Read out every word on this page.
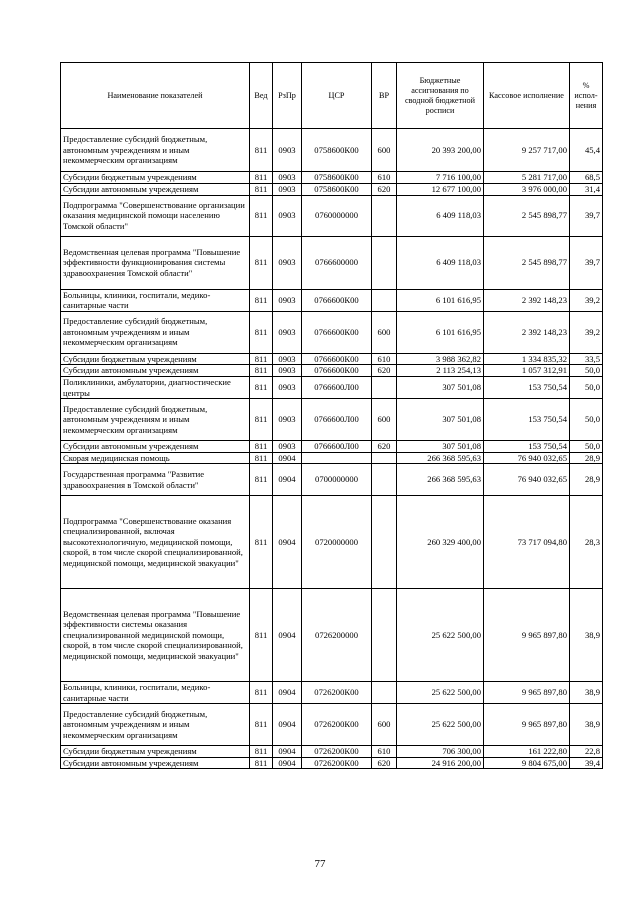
Наименование показателей	Вед	РзПр	ЦСР	ВР	Бюджетные ассигнования по сводной бюджетной росписи	Кассовое исполнение	% испол-нения
Предоставление субсидий бюджетным, автономным учреждениям и иным некоммерческим организациям	811	0903	0758600К00	600	20 393 200,00	9 257 717,00	45,4
Субсидии бюджетным учреждениям	811	0903	0758600К00	610	7 716 100,00	5 281 717,00	68,5
Субсидии автономным учреждениям	811	0903	0758600К00	620	12 677 100,00	3 976 000,00	31,4
Подпрограмма "Совершенствование организации оказания медицинской помощи населению Томской области"	811	0903	0760000000		6 409 118,03	2 545 898,77	39,7
Ведомственная целевая программа "Повышение эффективности функционирования системы здравоохранения Томской области"	811	0903	0766600000		6 409 118,03	2 545 898,77	39,7
Больницы, клиники, госпитали, медико-санитарные части	811	0903	0766600К00		6 101 616,95	2 392 148,23	39,2
Предоставление субсидий бюджетным, автономным учреждениям и иным некоммерческим организациям	811	0903	0766600К00	600	6 101 616,95	2 392 148,23	39,2
Субсидии бюджетным учреждениям	811	0903	0766600К00	610	3 988 362,82	1 334 835,32	33,5
Субсидии автономным учреждениям	811	0903	0766600К00	620	2 113 254,13	1 057 312,91	50,0
Поликлиники, амбулатории, диагностические центры	811	0903	0766600Л00		307 501,08	153 750,54	50,0
Предоставление субсидий бюджетным, автономным учреждениям и иным некоммерческим организациям	811	0903	0766600Л00	600	307 501,08	153 750,54	50,0
Субсидии автономным учреждениям	811	0903	0766600Л00	620	307 501,08	153 750,54	50,0
Скорая медицинская помощь	811	0904			266 368 595,63	76 940 032,65	28,9
Государственная программа "Развитие здравоохранения в Томской области"	811	0904	0700000000		266 368 595,63	76 940 032,65	28,9
Подпрограмма "Совершенствование оказания специализированной, включая высокотехнологичную, медицинской помощи, скорой, в том числе скорой специализированной, медицинской помощи, медицинской эвакуации"	811	0904	0720000000		260 329 400,00	73 717 094,80	28,3
Ведомственная целевая программа "Повышение эффективности системы оказания специализированной медицинской помощи, скорой, в том числе скорой специализированной, медицинской помощи, медицинской эвакуации"	811	0904	0726200000		25 622 500,00	9 965 897,80	38,9
Больницы, клиники, госпитали, медико-санитарные части	811	0904	0726200К00		25 622 500,00	9 965 897,80	38,9
Предоставление субсидий бюджетным, автономным учреждениям и иным некоммерческим организациям	811	0904	0726200К00	600	25 622 500,00	9 965 897,80	38,9
Субсидии бюджетным учреждениям	811	0904	0726200К00	610	706 300,00	161 222,80	22,8
Субсидии автономным учреждениям	811	0904	0726200К00	620	24 916 200,00	9 804 675,00	39,4
77
